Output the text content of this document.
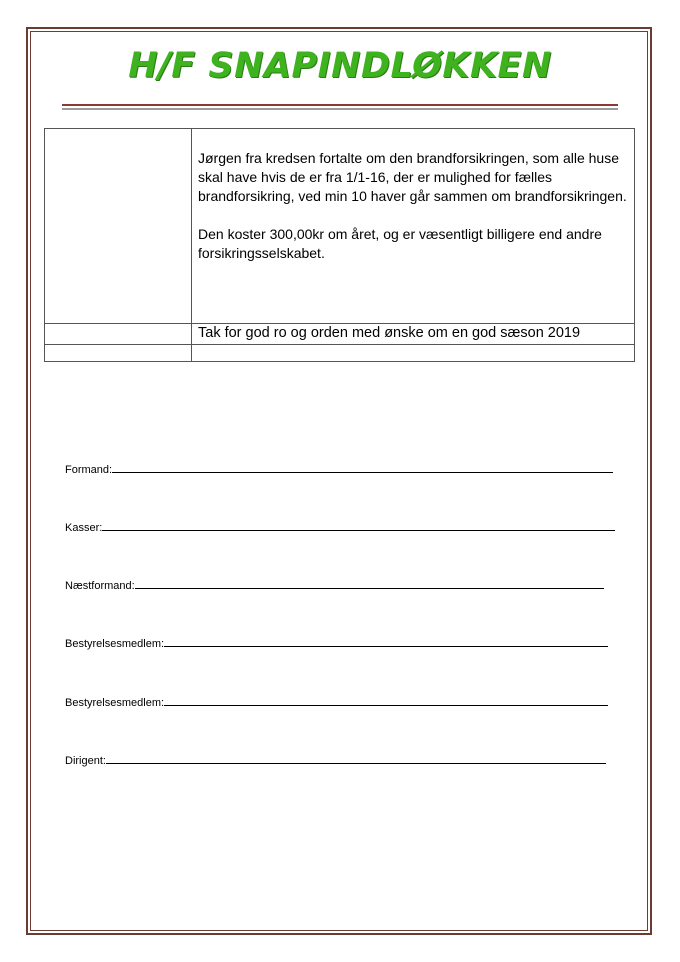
H/F SNAPINDLØKKEN

	Jørgen fra kredsen fortalte om den brandforsikringen, som alle huse skal have hvis de er fra 1/1-16, der er mulighed for fælles brandforsikring, ved min 10 haver går sammen om brandforsikringen.

Den koster 300,00kr om året, og er væsentligt billigere end andre forsikringsselskabet.

	Tak for god ro og orden med ønske om en god sæson 2019

Formand:
Kasser:
Næstformand:
Bestyrelsesmedlem:
Bestyrelsesmedlem:
Dirigent:
